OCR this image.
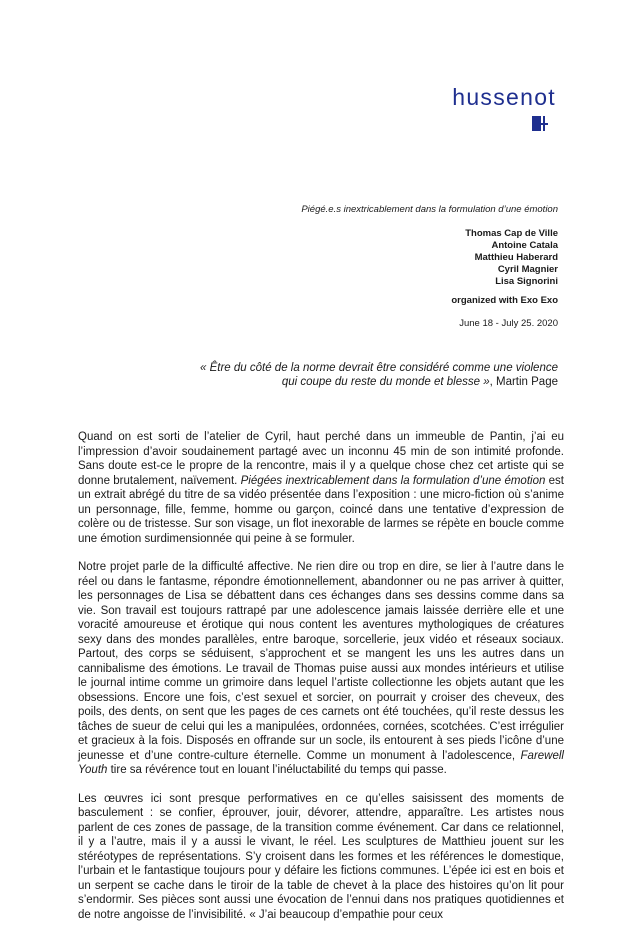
hussenot
Piégé.e.s inextricablement dans la formulation d’une émotion
Thomas Cap de Ville
Antoine Catala
Matthieu Haberard
Cyril Magnier
Lisa Signorini
organized with Exo Exo
June 18 - July 25. 2020
« Être du côté de la norme devrait être considéré comme une violence
qui coupe du reste du monde et blesse », Martin Page

Quand on est sorti de l’atelier de Cyril, haut perché dans un immeuble de Pantin, j’ai eu l’impression d’avoir soudainement partagé avec un inconnu 45 min de son intimité profonde. Sans doute est-ce le propre de la rencontre, mais il y a quelque chose chez cet artiste qui se donne brutalement, naïvement. Piégées inextricablement dans la formulation d’une émotion est un extrait abrégé du titre de sa vidéo présentée dans l’exposition : une micro-fiction où s’anime un personnage, fille, femme, homme ou garçon, coincé dans une tentative d’expression de colère ou de tristesse. Sur son visage, un flot inexorable de larmes se répète en boucle comme une émotion surdimensionnée qui peine à se formuler.

Notre projet parle de la difficulté affective. Ne rien dire ou trop en dire, se lier à l’autre dans le réel ou dans le fantasme, répondre émotionnellement, abandonner ou ne pas arriver à quitter, les personnages de Lisa se débattent dans ces échanges dans ses dessins comme dans sa vie. Son travail est toujours rattrapé par une adolescence jamais laissée derrière elle et une voracité amoureuse et érotique qui nous content les aventures mythologiques de créatures sexy dans des mondes parallèles, entre baroque, sorcellerie, jeux vidéo et réseaux sociaux. Partout, des corps se séduisent, s’approchent et se mangent les uns les autres dans un cannibalisme des émotions. Le travail de Thomas puise aussi aux mondes intérieurs et utilise le journal intime comme un grimoire dans lequel l’artiste collectionne les objets autant que les obsessions. Encore une fois, c’est sexuel et sorcier, on pourrait y croiser des cheveux, des poils, des dents, on sent que les pages de ces carnets ont été touchées, qu’il reste dessus les tâches de sueur de celui qui les a manipulées, ordonnées, cornées, scotchées. C’est irrégulier et gracieux à la fois. Disposés en offrande sur un socle, ils entourent à ses pieds l’icône d’une jeunesse et d’une contre-culture éternelle. Comme un monument à l’adolescence, Farewell Youth tire sa révérence tout en louant l’inéluctabilité du temps qui passe.

Les œuvres ici sont presque performatives en ce qu’elles saisissent des moments de basculement : se confier, éprouver, jouir, dévorer, attendre, apparaître. Les artistes nous parlent de ces zones de passage, de la transition comme événement. Car dans ce relationnel, il y a l’autre, mais il y a aussi le vivant, le réel. Les sculptures de Matthieu jouent sur les stéréotypes de représentations. S’y croisent dans les formes et les références le domestique, l’urbain et le fantastique toujours pour y défaire les fictions communes. L’épée ici est en bois et un serpent se cache dans le tiroir de la table de chevet à la place des histoires qu’on lit pour s’endormir. Ses pièces sont aussi une évocation de l’ennui dans nos pratiques quotidiennes et de notre angoisse de l’invisibilité. « J’ai beaucoup d’empathie pour ceux
